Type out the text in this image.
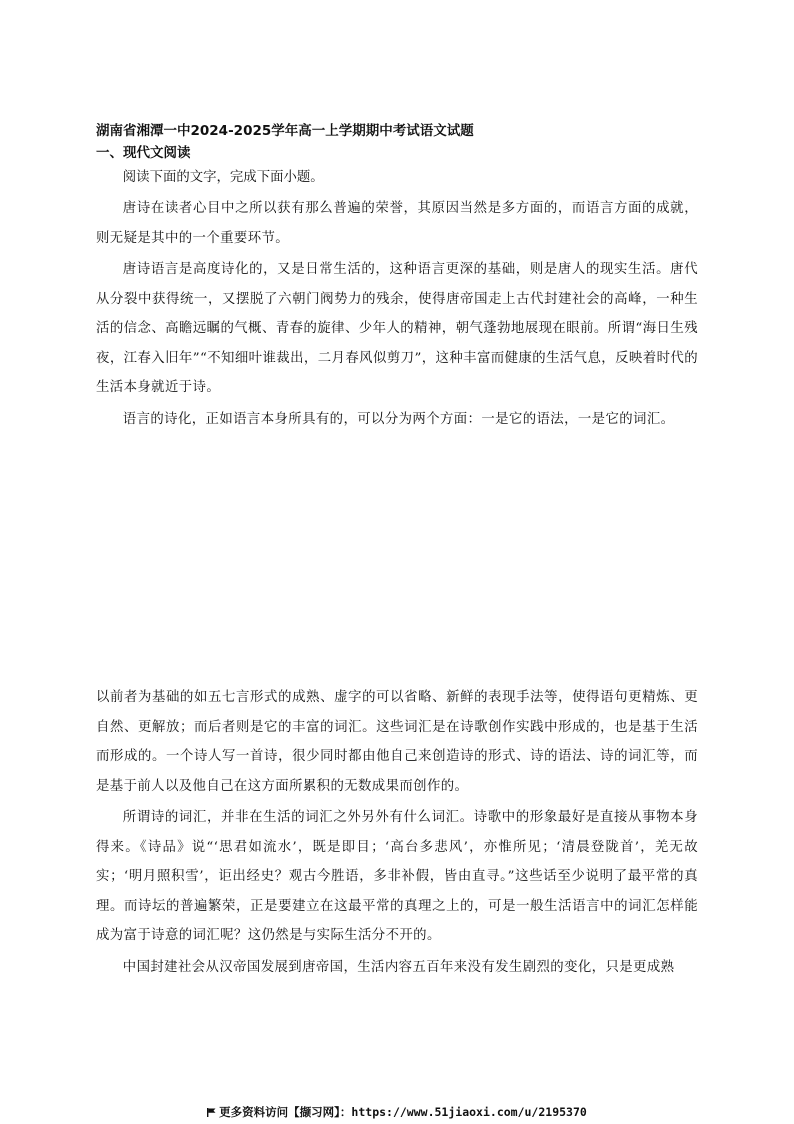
湖南省湘潭一中2024-2025学年高一上学期期中考试语文试题
一、现代文阅读
阅读下面的文字，完成下面小题。

唐诗在读者心目中之所以获有那么普遍的荣誉，其原因当然是多方面的，而语言方面的成就，则无疑是其中的一个重要环节。

唐诗语言是高度诗化的，又是日常生活的，这种语言更深的基础，则是唐人的现实生活。唐代从分裂中获得统一，又摆脱了六朝门阀势力的残余，使得唐帝国走上古代封建社会的高峰，一种生活的信念、高瞻远瞩的气概、青春的旋律、少年人的精神，朝气蓬勃地展现在眼前。所谓“海日生残夜，江春入旧年”“不知细叶谁裁出，二月春风似剪刀”，这种丰富而健康的生活气息，反映着时代的生活本身就近于诗。

语言的诗化，正如语言本身所具有的，可以分为两个方面：一是它的语法，一是它的词汇。

以前者为基础的如五七言形式的成熟、虚字的可以省略、新鲜的表现手法等，使得语句更精炼、更自然、更解放；而后者则是它的丰富的词汇。这些词汇是在诗歌创作实践中形成的，也是基于生活而形成的。一个诗人写一首诗，很少同时都由他自己来创造诗的形式、诗的语法、诗的词汇等，而是基于前人以及他自己在这方面所累积的无数成果而创作的。

所谓诗的词汇，并非在生活的词汇之外另外有什么词汇。诗歌中的形象最好是直接从事物本身得来。《诗品》说“‘思君如流水’，既是即目；‘高台多悲风’，亦惟所见；‘清晨登陇首’，羌无故实；‘明月照积雪’，讵出经史？观古今胜语，多非补假，皆由直寻。”这些话至少说明了最平常的真理。而诗坛的普遍繁荣，正是要建立在这最平常的真理之上的，可是一般生活语言中的词汇怎样能成为富于诗意的词汇呢？这仍然是与实际生活分不开的。

中国封建社会从汉帝国发展到唐帝国，生活内容五百年来没有发生剧烈的变化，只是更成熟

更多资料访问【撷习网】：https://www.51jiaoxi.com/u/2195370
